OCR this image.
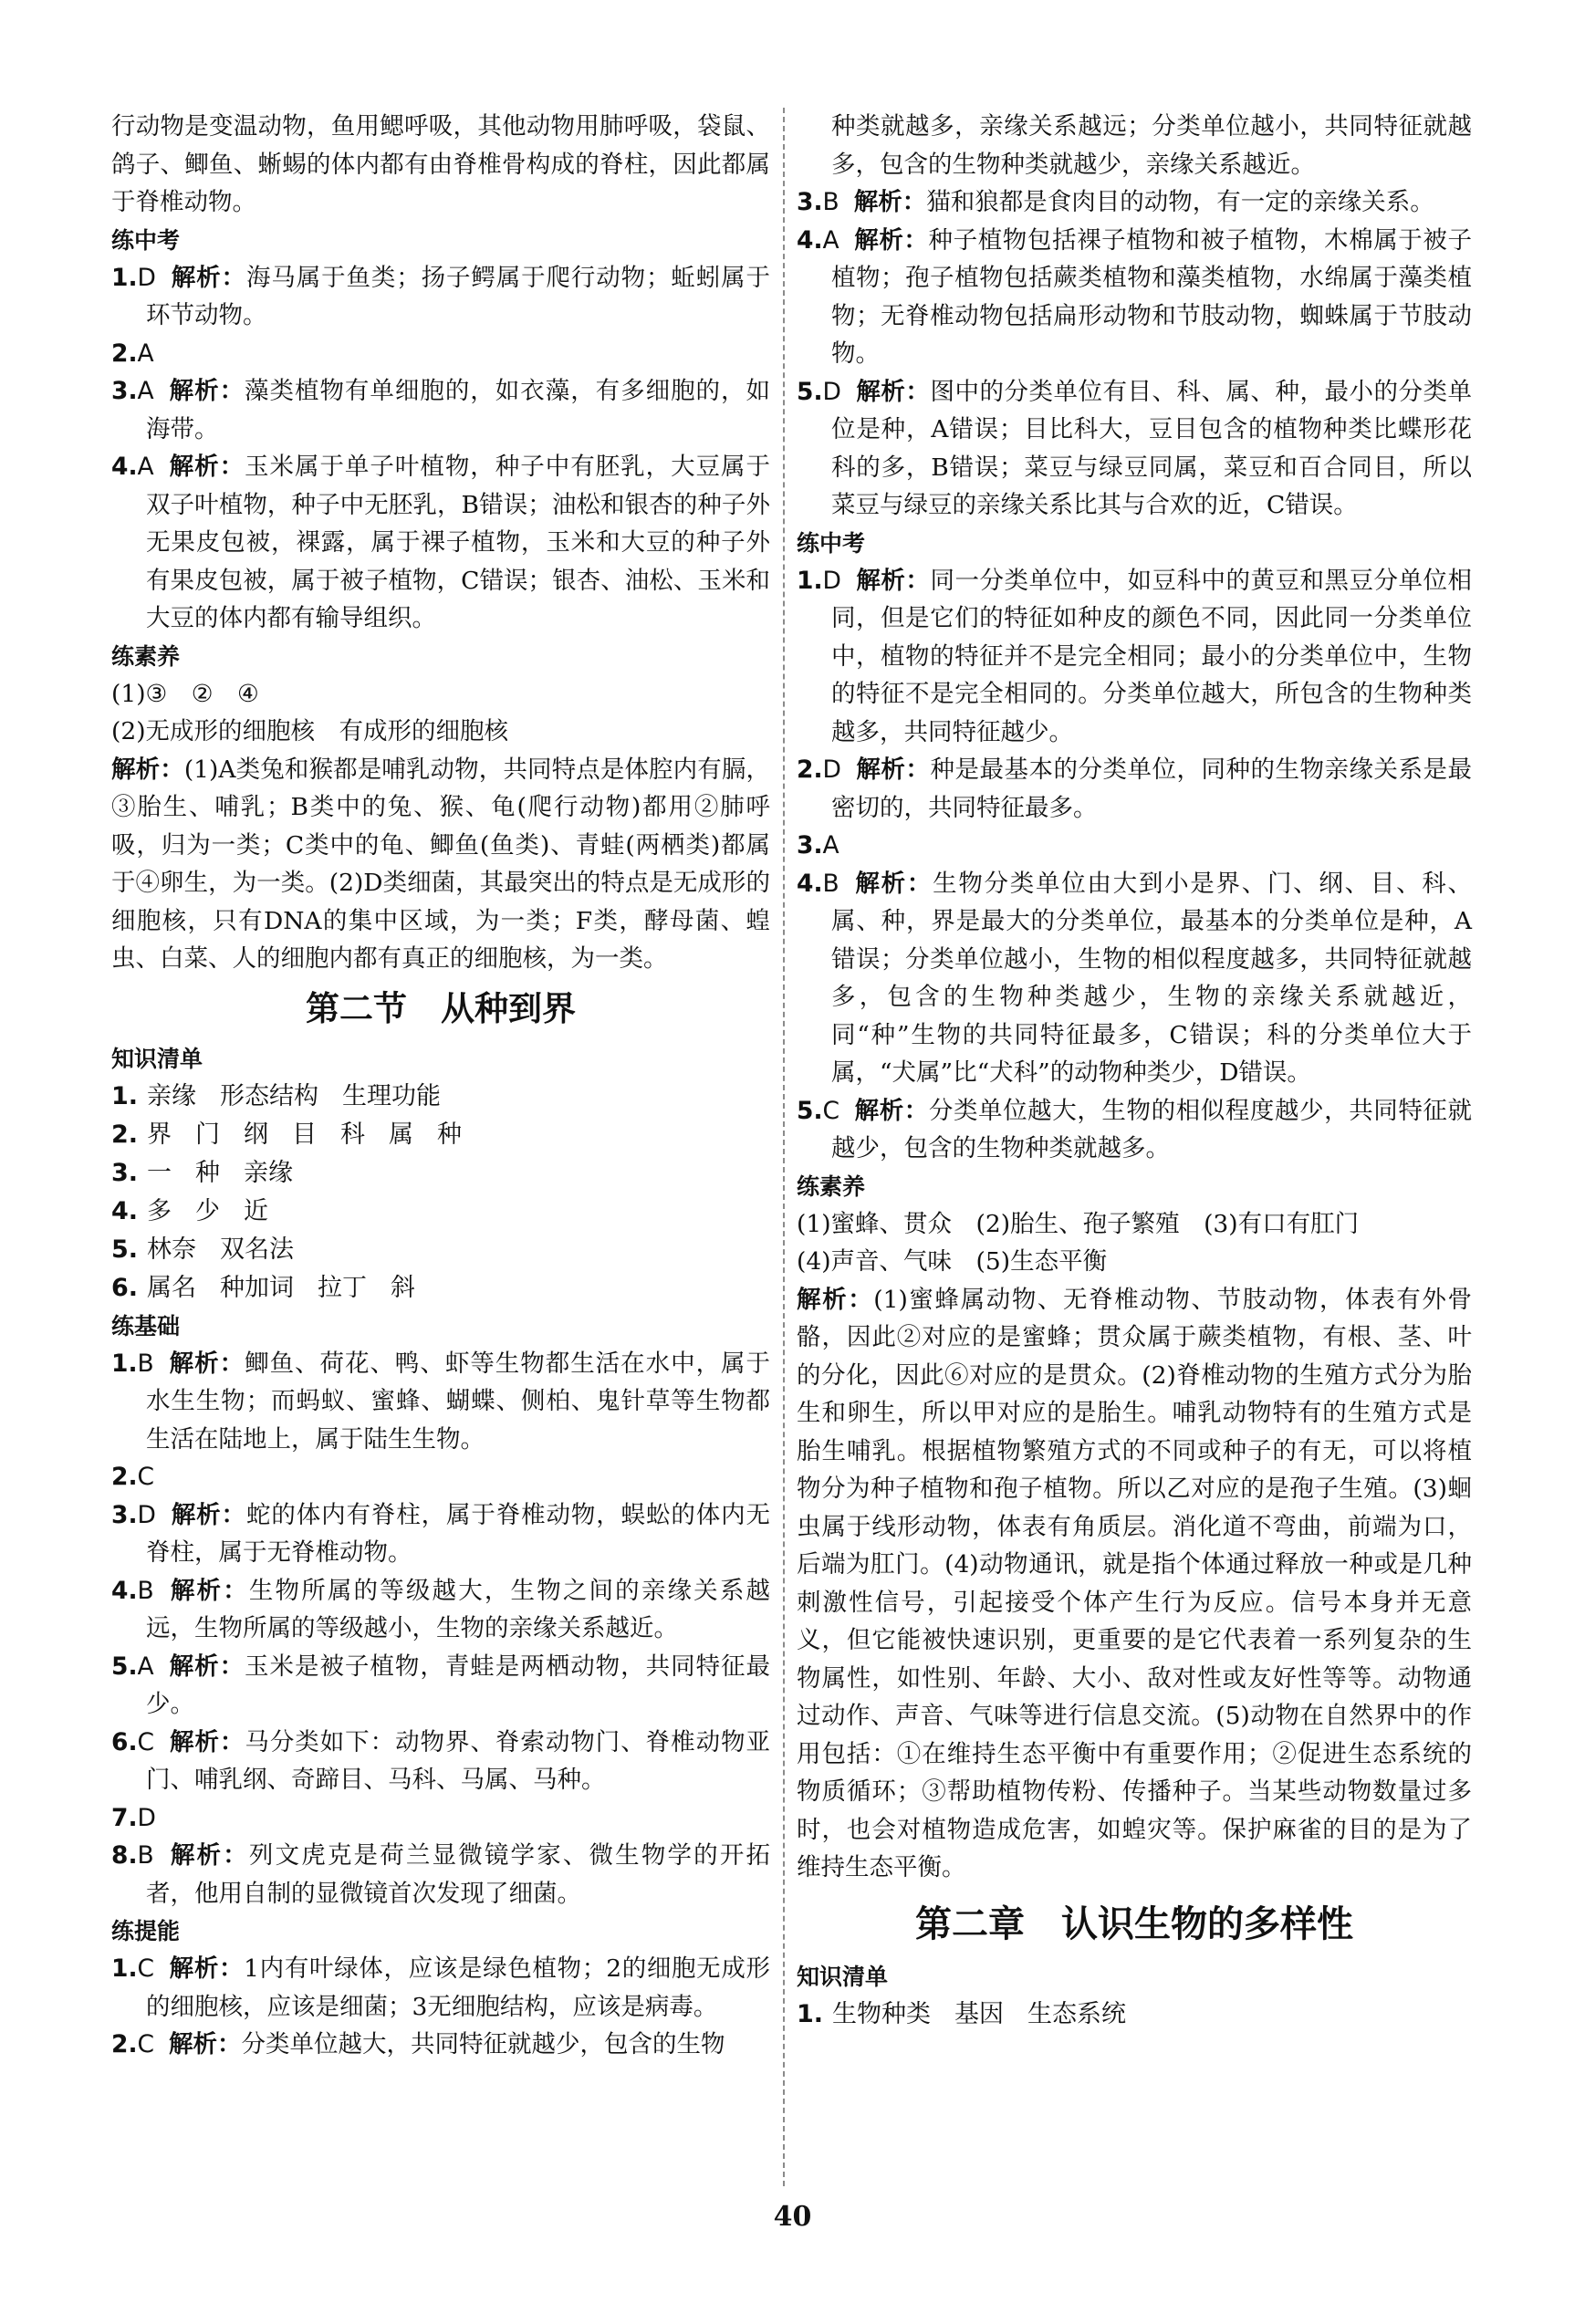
行动物是变温动物，鱼用鳃呼吸，其他动物用肺呼吸，袋鼠、鸽子、鲫鱼、蜥蜴的体内都有由脊椎骨构成的脊柱，因此都属于脊椎动物。

练中考

1.D 解析：海马属于鱼类；扬子鳄属于爬行动物；蚯蚓属于环节动物。

2.A

3.A 解析：藻类植物有单细胞的，如衣藻，有多细胞的，如海带。

4.A 解析：玉米属于单子叶植物，种子中有胚乳，大豆属于双子叶植物，种子中无胚乳，B错误；油松和银杏的种子外无果皮包被，裸露，属于裸子植物，玉米和大豆的种子外有果皮包被，属于被子植物，C错误；银杏、油松、玉米和大豆的体内都有输导组织。

练素养

(1)③　②　④

(2)无成形的细胞核　有成形的细胞核

解析：(1)A类兔和猴都是哺乳动物，共同特点是体腔内有膈，③胎生、哺乳；B类中的兔、猴、龟(爬行动物)都用②肺呼吸，归为一类；C类中的龟、鲫鱼(鱼类)、青蛙(两栖类)都属于④卵生，为一类。(2)D类细菌，其最突出的特点是无成形的细胞核，只有DNA的集中区域，为一类；F类，酵母菌、蝗虫、白菜、人的细胞内都有真正的细胞核，为一类。

第二节　从种到界

知识清单

1. 亲缘 形态结构 生理功能

2. 界 门 纲 目 科 属 种

3. 一 种 亲缘

4. 多 少 近

5. 林奈 双名法

6. 属名 种加词 拉丁 斜

练基础

1.B 解析：鲫鱼、荷花、鸭、虾等生物都生活在水中，属于水生生物；而蚂蚁、蜜蜂、蝴蝶、侧柏、鬼针草等生物都生活在陆地上，属于陆生生物。

2.C

3.D 解析：蛇的体内有脊柱，属于脊椎动物，蜈蚣的体内无脊柱，属于无脊椎动物。

4.B 解析：生物所属的等级越大，生物之间的亲缘关系越远，生物所属的等级越小，生物的亲缘关系越近。

5.A 解析：玉米是被子植物，青蛙是两栖动物，共同特征最少。

6.C 解析：马分类如下：动物界、脊索动物门、脊椎动物亚门、哺乳纲、奇蹄目、马科、马属、马种。

7.D

8.B 解析：列文虎克是荷兰显微镜学家、微生物学的开拓者，他用自制的显微镜首次发现了细菌。

练提能

1.C 解析：1内有叶绿体，应该是绿色植物；2的细胞无成形的细胞核，应该是细菌；3无细胞结构，应该是病毒。

2.C 解析：分类单位越大，共同特征就越少，包含的生物

种类就越多，亲缘关系越远；分类单位越小，共同特征就越多，包含的生物种类就越少，亲缘关系越近。

3.B 解析：猫和狼都是食肉目的动物，有一定的亲缘关系。

4.A 解析：种子植物包括裸子植物和被子植物，木棉属于被子植物；孢子植物包括蕨类植物和藻类植物，水绵属于藻类植物；无脊椎动物包括扁形动物和节肢动物，蜘蛛属于节肢动物。

5.D 解析：图中的分类单位有目、科、属、种，最小的分类单位是种，A错误；目比科大，豆目包含的植物种类比蝶形花科的多，B错误；菜豆与绿豆同属，菜豆和百合同目，所以菜豆与绿豆的亲缘关系比其与合欢的近，C错误。

练中考

1.D 解析：同一分类单位中，如豆科中的黄豆和黑豆分单位相同，但是它们的特征如种皮的颜色不同，因此同一分类单位中，植物的特征并不是完全相同；最小的分类单位中，生物的特征不是完全相同的。分类单位越大，所包含的生物种类越多，共同特征越少。

2.D 解析：种是最基本的分类单位，同种的生物亲缘关系是最密切的，共同特征最多。

3.A

4.B 解析：生物分类单位由大到小是界、门、纲、目、科、属、种，界是最大的分类单位，最基本的分类单位是种，A错误；分类单位越小，生物的相似程度越多，共同特征就越多，包含的生物种类越少，生物的亲缘关系就越近，同“种”生物的共同特征最多，C错误；科的分类单位大于属，“犬属”比“犬科”的动物种类少，D错误。

5.C 解析：分类单位越大，生物的相似程度越少，共同特征就越少，包含的生物种类就越多。

练素养

(1)蜜蜂、贯众　(2)胎生、孢子繁殖　(3)有口有肛门

(4)声音、气味　(5)生态平衡

解析：(1)蜜蜂属动物、无脊椎动物、节肢动物，体表有外骨骼，因此②对应的是蜜蜂；贯众属于蕨类植物，有根、茎、叶的分化，因此⑥对应的是贯众。(2)脊椎动物的生殖方式分为胎生和卵生，所以甲对应的是胎生。哺乳动物特有的生殖方式是胎生哺乳。根据植物繁殖方式的不同或种子的有无，可以将植物分为种子植物和孢子植物。所以乙对应的是孢子生殖。(3)蛔虫属于线形动物，体表有角质层。消化道不弯曲，前端为口，后端为肛门。(4)动物通讯，就是指个体通过释放一种或是几种刺激性信号，引起接受个体产生行为反应。信号本身并无意义，但它能被快速识别，更重要的是它代表着一系列复杂的生物属性，如性别、年龄、大小、敌对性或友好性等等。动物通过动作、声音、气味等进行信息交流。(5)动物在自然界中的作用包括：①在维持生态平衡中有重要作用；②促进生态系统的物质循环；③帮助植物传粉、传播种子。当某些动物数量过多时，也会对植物造成危害，如蝗灾等。保护麻雀的目的是为了维持生态平衡。

第二章　认识生物的多样性

知识清单

1. 生物种类 基因 生态系统

40
